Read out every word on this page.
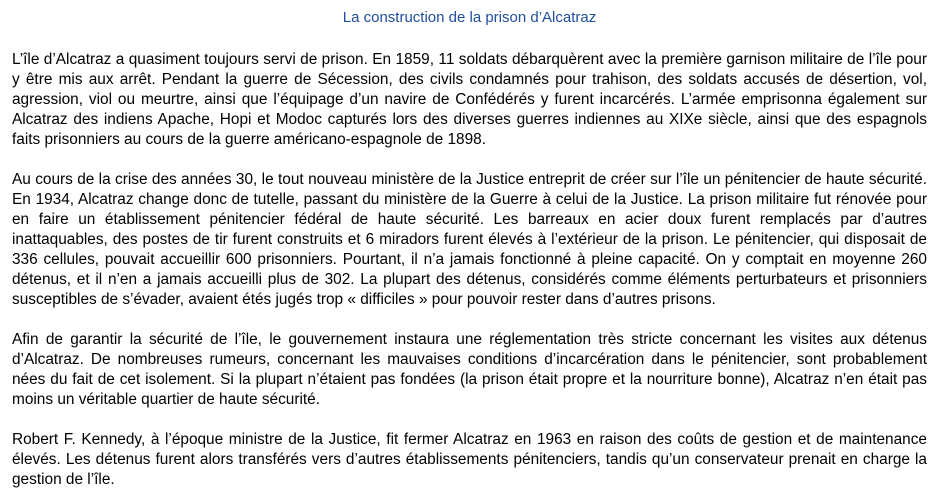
La construction de la prison d’Alcatraz

L’île d’Alcatraz a quasiment toujours servi de prison. En 1859, 11 soldats débarquèrent avec la première garnison militaire de l’île pour y être mis aux arrêt. Pendant la guerre de Sécession, des civils condamnés pour trahison, des soldats accusés de désertion, vol, agression, viol ou meurtre, ainsi que l’équipage d’un navire de Confédérés y furent incarcérés. L’armée emprisonna également sur Alcatraz des indiens Apache, Hopi et Modoc capturés lors des diverses guerres indiennes au XIXe siècle, ainsi que des espagnols faits prisonniers au cours de la guerre américano-espagnole de 1898.

Au cours de la crise des années 30, le tout nouveau ministère de la Justice entreprit de créer sur l’île un pénitencier de haute sécurité. En 1934, Alcatraz change donc de tutelle, passant du ministère de la Guerre à celui de la Justice. La prison militaire fut rénovée pour en faire un établissement pénitencier fédéral de haute sécurité. Les barreaux en acier doux furent remplacés par d’autres inattaquables, des postes de tir furent construits et 6 miradors furent élevés à l’extérieur de la prison. Le pénitencier, qui disposait de 336 cellules, pouvait accueillir 600 prisonniers. Pourtant, il n’a jamais fonctionné à pleine capacité. On y comptait en moyenne 260 détenus, et il n’en a jamais accueilli plus de 302. La plupart des détenus, considérés comme éléments perturbateurs et prisonniers susceptibles de s’évader, avaient étés jugés trop « difficiles » pour pouvoir rester dans d’autres prisons.

Afin de garantir la sécurité de l’île, le gouvernement instaura une réglementation très stricte concernant les visites aux détenus d’Alcatraz. De nombreuses rumeurs, concernant les mauvaises conditions d’incarcération dans le pénitencier, sont probablement nées du fait de cet isolement. Si la plupart n’étaient pas fondées (la prison était propre et la nourriture bonne), Alcatraz n’en était pas moins un véritable quartier de haute sécurité.

Robert F. Kennedy, à l’époque ministre de la Justice, fit fermer Alcatraz en 1963 en raison des coûts de gestion et de maintenance élevés. Les détenus furent alors transférés vers d’autres établissements pénitenciers, tandis qu’un conservateur prenait en charge la gestion de l’île.
